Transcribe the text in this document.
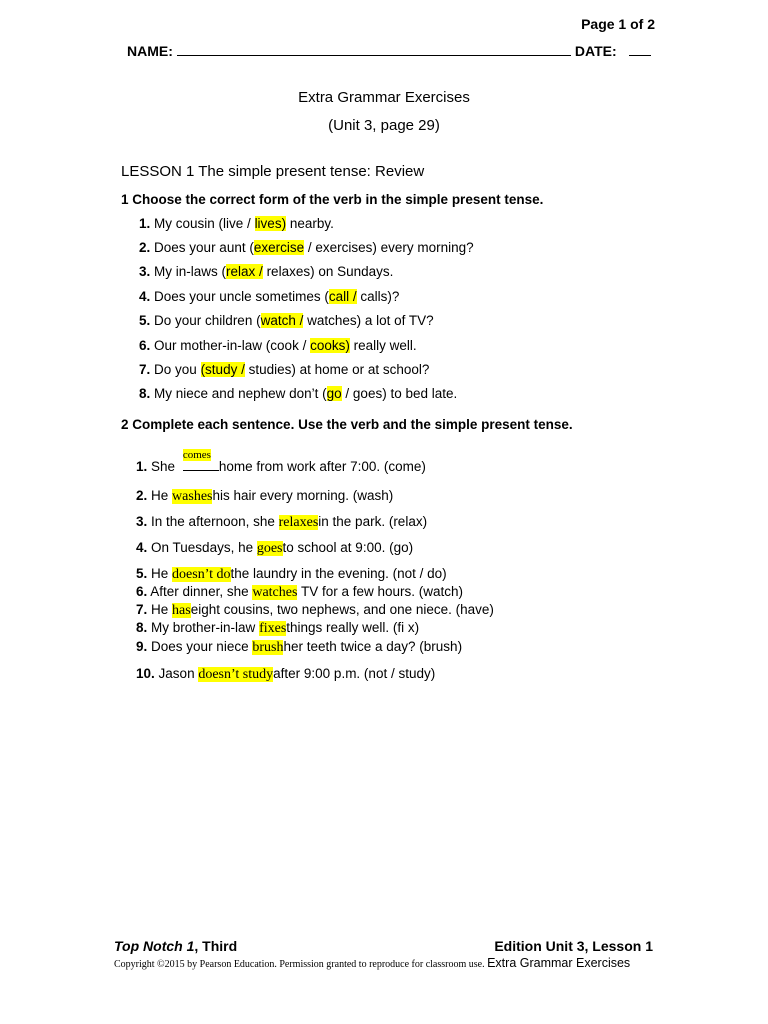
Page 1 of 2
NAME:	DATE:
Extra Grammar Exercises
(Unit 3, page 29)
LESSON 1 The simple present tense: Review
1 Choose the correct form of the verb in the simple present tense.
1. My cousin (live / lives) nearby.
2. Does your aunt (exercise / exercises) every morning?
3. My in-laws (relax / relaxes) on Sundays.
4. Does your uncle sometimes (call / calls)?
5. Do your children (watch / watches) a lot of TV?
6. Our mother-in-law (cook / cooks) really well.
7. Do you (study / studies) at home or at school?
8. My niece and nephew don’t (go / goes) to bed late.
2 Complete each sentence. Use the verb and the simple present tense.
1. She
comes
home from work after 7:00. (come)
2. He washeshis hair every morning. (wash)
3. In the afternoon, she relaxesin the park. (relax)
4. On Tuesdays, he goesto school at 9:00. (go)
5. He doesn’t dothe laundry in the evening. (not / do)
6. After dinner, she watches TV for a few hours. (watch)
7. He haseight cousins, two nephews, and one niece. (have)
8. My brother-in-law fixesthings really well. (fi x)
9. Does your niece brushher teeth twice a day? (brush)
10. Jason doesn’t studyafter 9:00 p.m. (not / study)
Top Notch 1, Third	Edition Unit 3, Lesson 1
Copyright ©2015 by Pearson Education. Permission granted to reproduce for classroom use. Extra Grammar Exercises
